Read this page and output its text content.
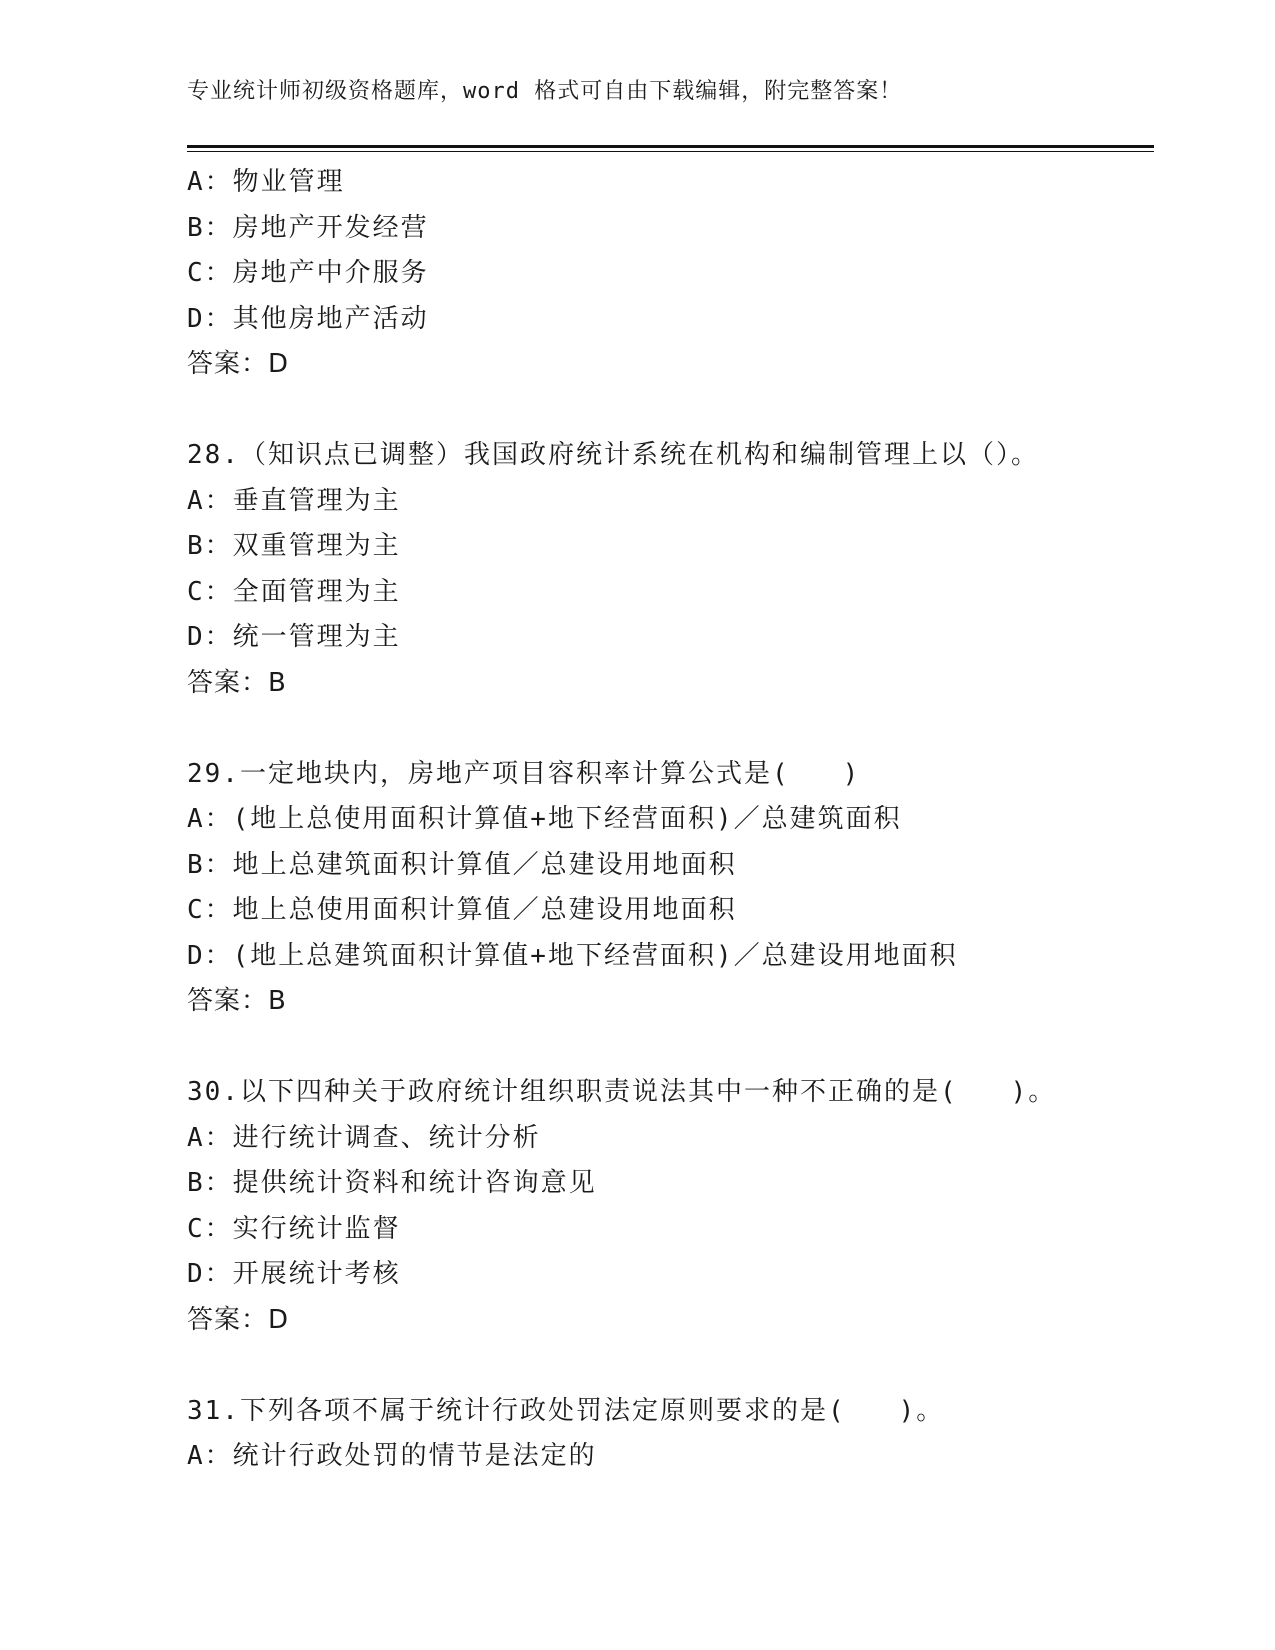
专业统计师初级资格题库，word 格式可自由下载编辑，附完整答案！
A：物业管理
B：房地产开发经营
C：房地产中介服务
D：其他房地产活动
答案：D
28.（知识点已调整）我国政府统计系统在机构和编制管理上以（）。
A：垂直管理为主
B：双重管理为主
C：全面管理为主
D：统一管理为主
答案：B
29.一定地块内，房地产项目容积率计算公式是(   )
A：(地上总使用面积计算值+地下经营面积)／总建筑面积
B：地上总建筑面积计算值／总建设用地面积
C：地上总使用面积计算值／总建设用地面积
D：(地上总建筑面积计算值+地下经营面积)／总建设用地面积
答案：B
30.以下四种关于政府统计组织职责说法其中一种不正确的是(   )。
A：进行统计调查、统计分析
B：提供统计资料和统计咨询意见
C：实行统计监督
D：开展统计考核
答案：D
31.下列各项不属于统计行政处罚法定原则要求的是(   )。
A：统计行政处罚的情节是法定的
